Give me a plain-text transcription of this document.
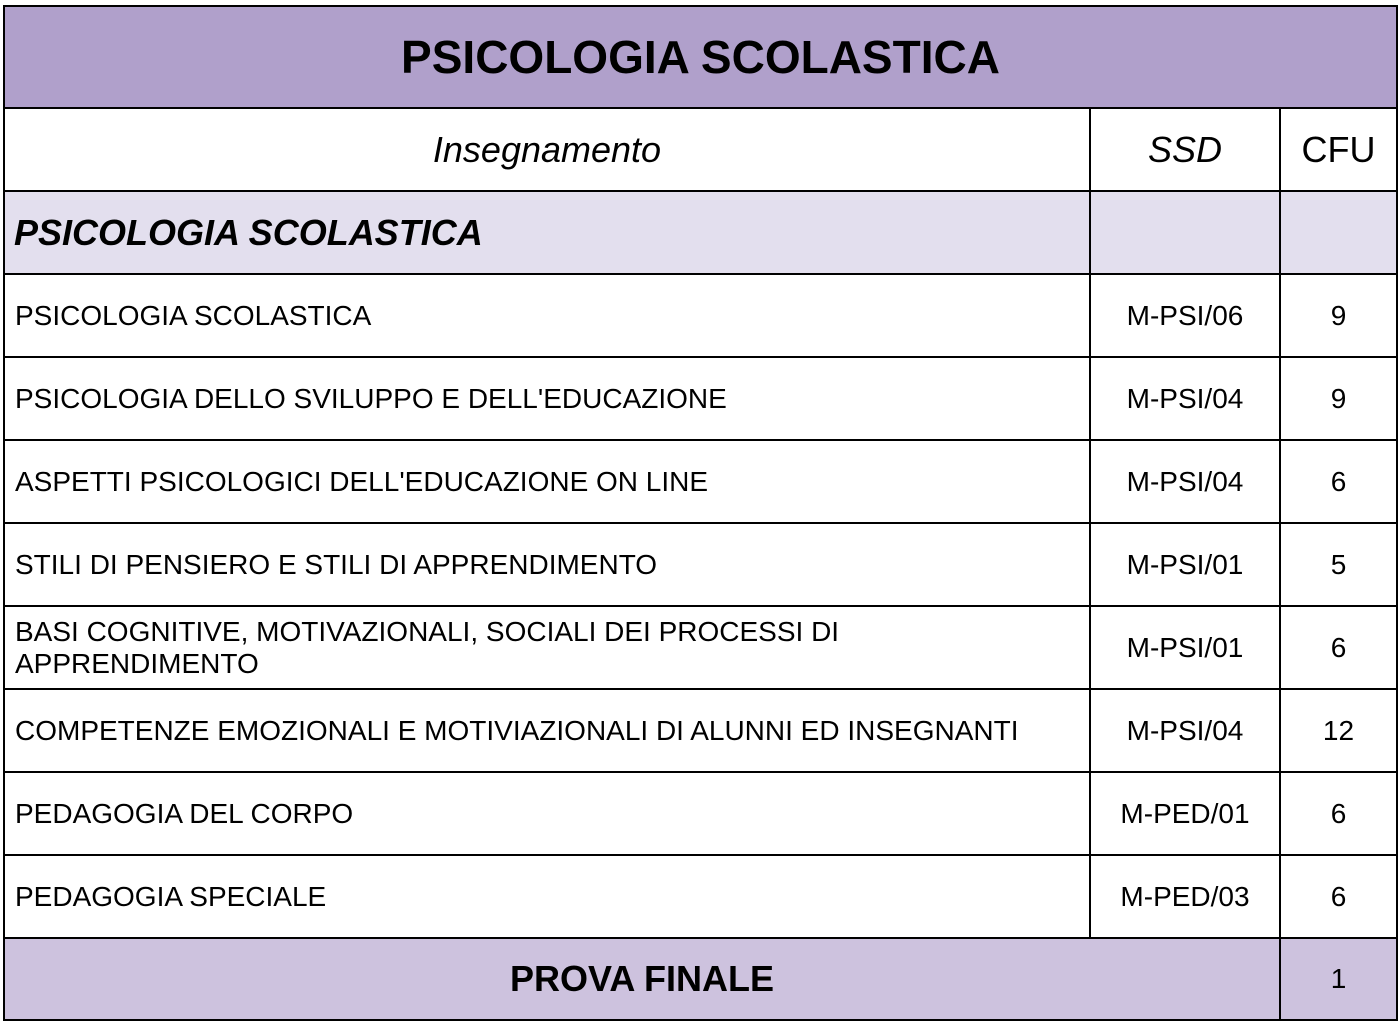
PSICOLOGIA SCOLASTICA		
Insegnamento	SSD	CFU
PSICOLOGIA SCOLASTICA		
PSICOLOGIA SCOLASTICA	M-PSI/06	9
PSICOLOGIA DELLO SVILUPPO E DELL'EDUCAZIONE	M-PSI/04	9
ASPETTI PSICOLOGICI DELL'EDUCAZIONE ON LINE	M-PSI/04	6
STILI DI PENSIERO E STILI DI APPRENDIMENTO	M-PSI/01	5
BASI COGNITIVE, MOTIVAZIONALI, SOCIALI DEI PROCESSI DI APPRENDIMENTO	M-PSI/01	6
COMPETENZE EMOZIONALI E MOTIVIAZIONALI DI ALUNNI ED INSEGNANTI	M-PSI/04	12
PEDAGOGIA DEL CORPO	M-PED/01	6
PEDAGOGIA SPECIALE	M-PED/03	6
PROVA FINALE		1
